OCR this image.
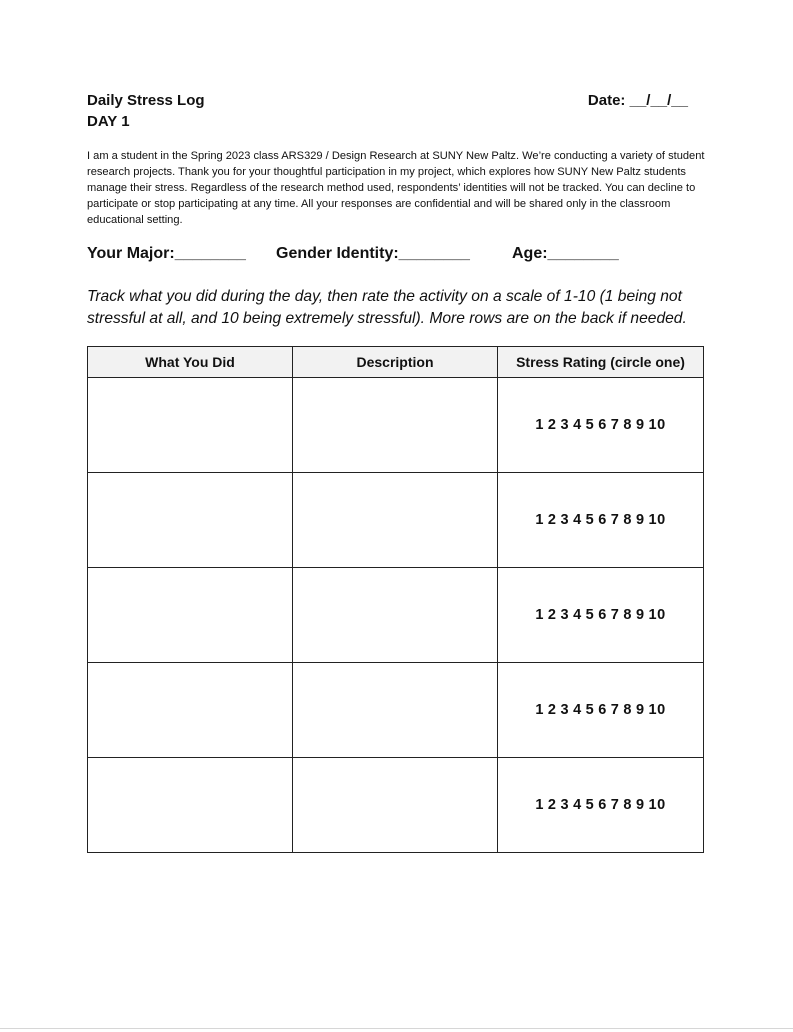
Daily Stress Log
DAY 1
Date: __/__/__

I am a student in the Spring 2023 class ARS329 / Design Research at SUNY New Paltz. We’re conducting a variety of student research projects. Thank you for your thoughtful participation in my project, which explores how SUNY New Paltz students manage their stress. Regardless of the research method used, respondents’ identities will not be tracked. You can decline to participate or stop participating at any time. All your responses are confidential and will be shared only in the classroom educational setting.

Your Major:________ Gender Identity:________	Age:________

Track what you did during the day, then rate the activity on a scale of 1-10 (1 being not stressful at all, and 10 being extremely stressful). More rows are on the back if needed.

What You Did	Description	Stress Rating (circle one)

		1 2 3 4 5 6 7 8 9 10

		1 2 3 4 5 6 7 8 9 10

		1 2 3 4 5 6 7 8 9 10

		1 2 3 4 5 6 7 8 9 10

		1 2 3 4 5 6 7 8 9 10
